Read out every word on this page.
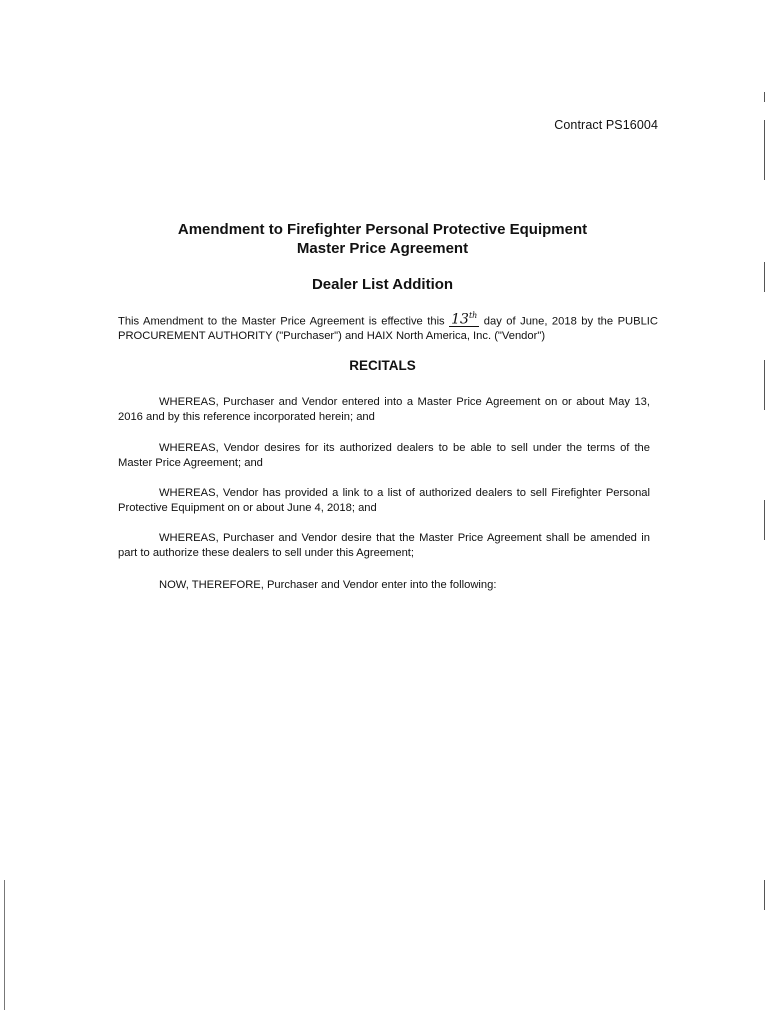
Contract PS16004
Amendment to Firefighter Personal Protective Equipment
Master Price Agreement
Dealer List Addition
This Amendment to the Master Price Agreement is effective this 13th day of June, 2018 by the PUBLIC PROCUREMENT AUTHORITY ("Purchaser") and HAIX North America, Inc. ("Vendor")
RECITALS
WHEREAS, Purchaser and Vendor entered into a Master Price Agreement on or about May 13, 2016 and by this reference incorporated herein; and
WHEREAS, Vendor desires for its authorized dealers to be able to sell under the terms of the Master Price Agreement; and
WHEREAS, Vendor has provided a link to a list of authorized dealers to sell Firefighter Personal Protective Equipment on or about June 4, 2018; and
WHEREAS, Purchaser and Vendor desire that the Master Price Agreement shall be amended in part to authorize these dealers to sell under this Agreement;
NOW, THEREFORE, Purchaser and Vendor enter into the following:
